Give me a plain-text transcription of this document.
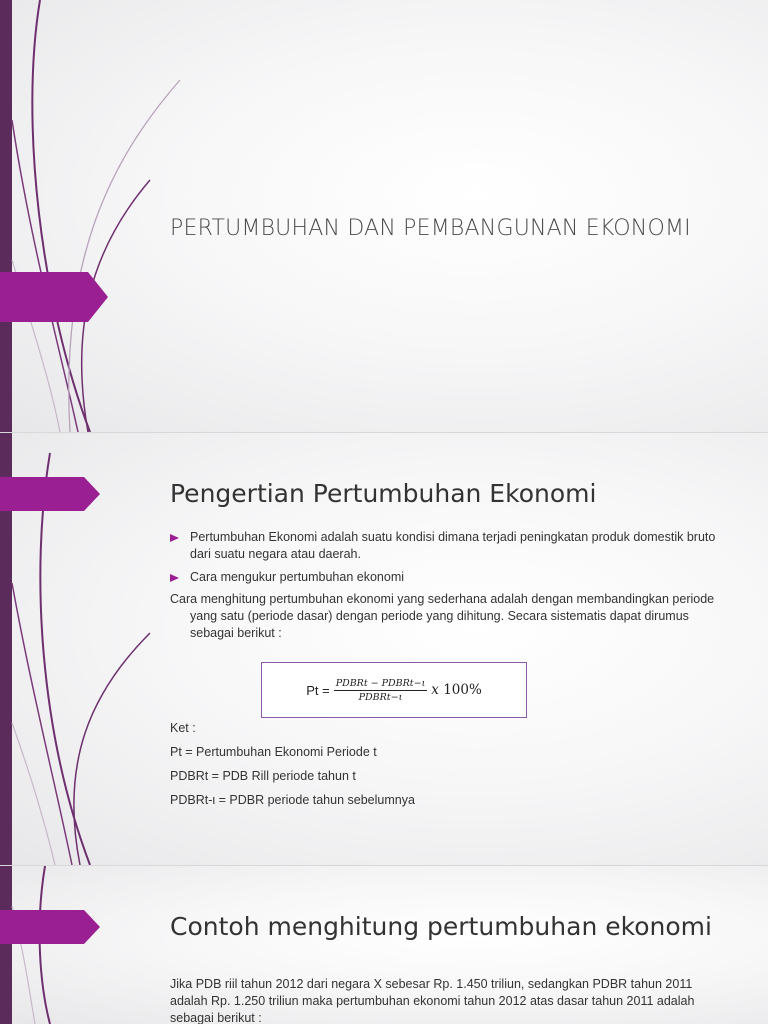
PERTUMBUHAN DAN PEMBANGUNAN EKONOMI
Pengertian Pertumbuhan Ekonomi
Pertumbuhan Ekonomi adalah suatu kondisi dimana terjadi peningkatan produk domestik bruto dari suatu negara atau daerah.
Cara mengukur pertumbuhan ekonomi
Cara menghitung pertumbuhan ekonomi yang sederhana adalah dengan membandingkan periode yang satu (periode dasar) dengan periode yang dihitung. Secara sistematis dapat dirumus sebagai berikut :
$Pt = \frac{\text{PDBRt − PDBRt−ι}}{\text{PDBRt−ι}}$ x 100%
Ket :
Pt = Pertumbuhan Ekonomi Periode t
PDBRt = PDB Rill periode tahun t
PDBRt-ι = PDBR periode tahun sebelumnya
Contoh menghitung pertumbuhan ekonomi
Jika PDB riil tahun 2012 dari negara X sebesar Rp. 1.450 triliun, sedangkan PDBR tahun 2011 adalah Rp. 1.250 triliun maka pertumbuhan ekonomi tahun 2012 atas dasar tahun 2011 adalah sebagai berikut :
